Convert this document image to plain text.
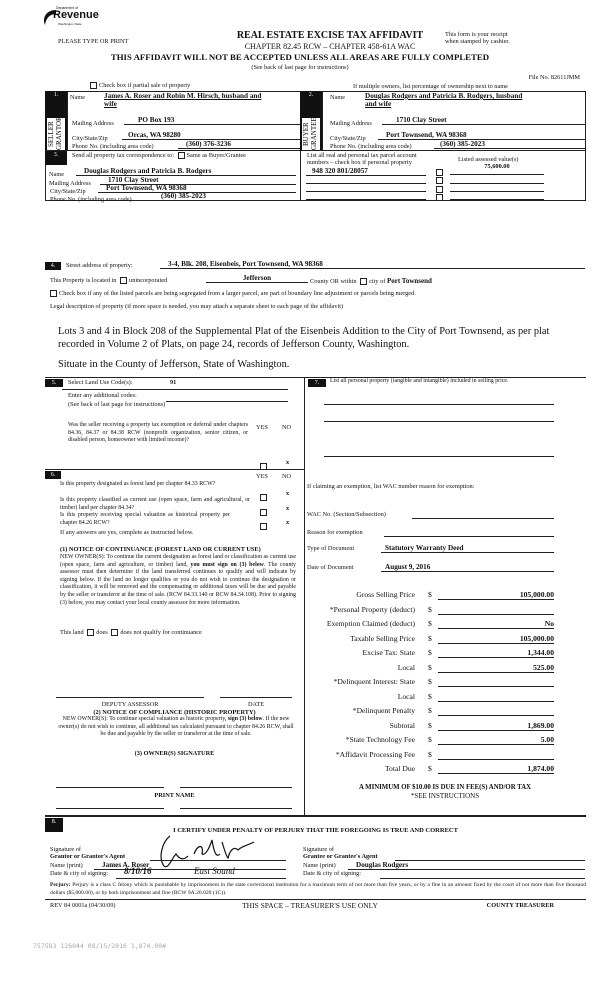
Department of
Revenue
Washington State
PLEASE TYPE OR PRINT
REAL ESTATE EXCISE TAX AFFIDAVIT
CHAPTER 82.45 RCW – CHAPTER 458-61A WAC
This form is your receipt
when stamped by cashier.
THIS AFFIDAVIT WILL NOT BE ACCEPTED UNLESS ALL AREAS ARE FULLY COMPLETED
(See back of last page for instructions)
File No. 82611JMM
Check box if partial sale of property	If multiple owners, list percentage of ownership next to name
1.	2.
3.
SELLER
GRANTOR	BUYER
GRANTEE
Name	James A. Roser and Robin M. Hirsch, husband and
wife
Mailing Address	PO Box 193
City/State/Zip	Orcas, WA 98280
Phone No. (including area code)	(360) 376-3236
Name	Douglas Rodgers and Patricia B. Rodgers, husband
and wife
Mailing Address	1710 Clay Street
City/State/Zip	Port Townsend, WA 98368
Phone No. (including area code)	(360) 385-2023
Send all property tax correspondence to: Same as Buyer/Grantee
Name	Douglas Rodgers and Patricia B. Rodgers
Mailing Address	1710 Clay Street
City/State/Zip	Port Townsend, WA 98368
Phone No. (including area code)	(360) 385-2023
List all real and personal tax parcel account
numbers – check box if personal property	Listed assessed value(s)
948 320 801/28057
75,600.00

4.	Street address of property:	3-4, Blk. 208, Eisenbeis, Port Townsend, WA 98368
This Property is located in unincorporated	Jefferson	County OR within city of Port Townsend
Check box if any of the listed parcels are being segregated from a larger parcel, are part of boundary line adjustment or parcels being merged.
Legal description of property (if more space is needed, you may attach a separate sheet to each page of the affidavit)
Lots 3 and 4 in Block 208 of the Supplemental Plat of the Eisenbeis Addition to the City of Port Townsend, as per plat
recorded in Volume 2 of Plats, on page 24, records of Jefferson County, Washington.
Situate in the County of Jefferson, State of Washington.
5.	Select Land Use Code(s):	91
Enter any additional codes:
(See back of last page for instructions)
YES NO
Was the seller receiving a property tax exemption or deferral under chapters 84.36, 84.37 or 84.38 RCW (nonprofit organization, senior citizen, or disabled person, homeowner with limited income)?
x
6.	YES NO
Is this property designated as forest land per chapter 84.33 RCW?
x
Is this property classified as current use (open space, farm and agricultural, or timber) land per chapter 84.34?	x
Is this property receiving special valuation as historical property per chapter 84.26 RCW?	x
If any answers are yes, complete as instructed below.
(1) NOTICE OF CONTINUANCE (FOREST LAND OR CURRENT USE)
NEW OWNER(S): To continue the current designation as forest land or classification as current use (open space, farm and agriculture, or timber) land, you must sign on (3) below. The county assessor must then determine if the land transferred continues to qualify and will indicate by signing below. If the land no longer qualifies or you do not wish to continue the designation or classification, it will be removed and the compensating or additional taxes will be due and payable by the seller or transferor at the time of sale. (RCW 84.33.140 or RCW 84.34.108). Prior to signing (3) below, you may contact your local county assessor for more information.
This land does does not qualify for continuance
DEPUTY ASSESSOR	DATE
(2) NOTICE OF COMPLIANCE (HISTORIC PROPERTY)
NEW OWNER(S): To continue special valuation as historic property, sign (3) below. If the new owner(s) do not wish to continue, all additional tax calculated pursuant to chapter 84.26 RCW, shall be due and payable by the seller or transferor at the time of sale.
(3) OWNER(S) SIGNATURE
PRINT NAME
7.	List all personal property (tangible and intangible) included in selling price.
If claiming an exemption, list WAC number reason for exemption:
WAC No. (Section/Subsection)
Reason for exemption
Type of Document	Statutory Warranty Deed
Date of Document	August 9, 2016
Gross Selling Price $	105,000.00
*Personal Property (deduct) $
Exemption Claimed (deduct) $	No
Taxable Selling Price $	105,000.00
Excise Tax: State $	1,344.00
Local $	525.00
*Delinquent Interest: State $
Local $
*Delinquent Penalty $
Subtotal $	1,869.00
*State Technology Fee $	5.00
*Affidavit Processing Fee $
Total Due $	1,874.00
A MINIMUM OF $10.00 IS DUE IN FEE(S) AND/OR TAX
*SEE INSTRUCTIONS
8.
I CERTIFY UNDER PENALTY OF PERJURY THAT THE FOREGOING IS TRUE AND CORRECT
Signature of
Grantor or Grantor's Agent
Name (print)	James A. Roser
Date & city of signing: 8/10/16	East Sound
Signature of
Grantee or Grantee's Agent
Name (print)	Douglas Rodgers
Date & city of signing:
Perjury: Perjury is a class C felony which is punishable by imprisonment in the state correctional institution for a maximum term of not more than five years, or by a fine in an amount fixed by the court of not more than five thousand dollars ($5,000.00), or by both imprisonment and fine (RCW 9A.20.020 (1C)).
REV 84 0001a (04/30/09)	THIS SPACE – TREASURER'S USE ONLY	COUNTY TREASURER
757583 126044 08/15/2016 1,874.00#
